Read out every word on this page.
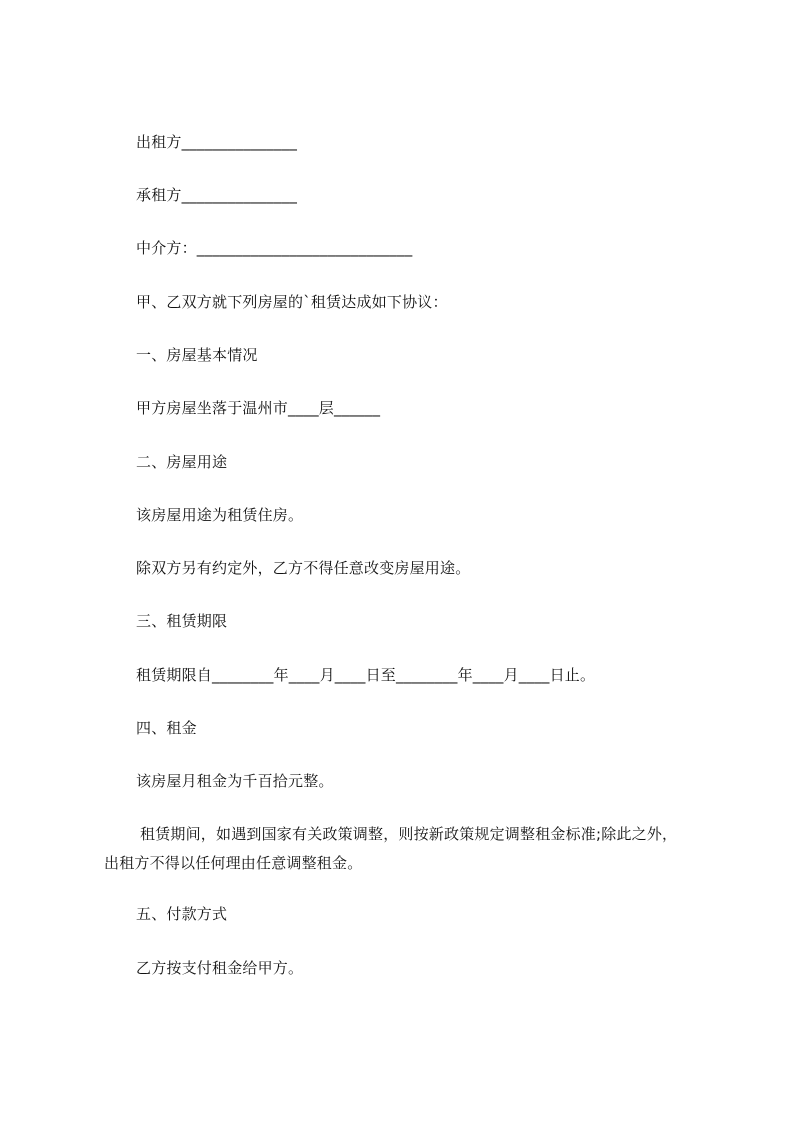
出租方_______________
承租方_______________
中介方：____________________________
甲、乙双方就下列房屋的`租赁达成如下协议：
一、房屋基本情况
甲方房屋坐落于温州市____层______
二、房屋用途
该房屋用途为租赁住房。
除双方另有约定外，乙方不得任意改变房屋用途。
三、租赁期限
租赁期限自________年____月____日至________年____月____日止。
四、租金
该房屋月租金为千百拾元整。
租赁期间，如遇到国家有关政策调整，则按新政策规定调整租金标准;除此之外，
出租方不得以任何理由任意调整租金。
五、付款方式
乙方按支付租金给甲方。
